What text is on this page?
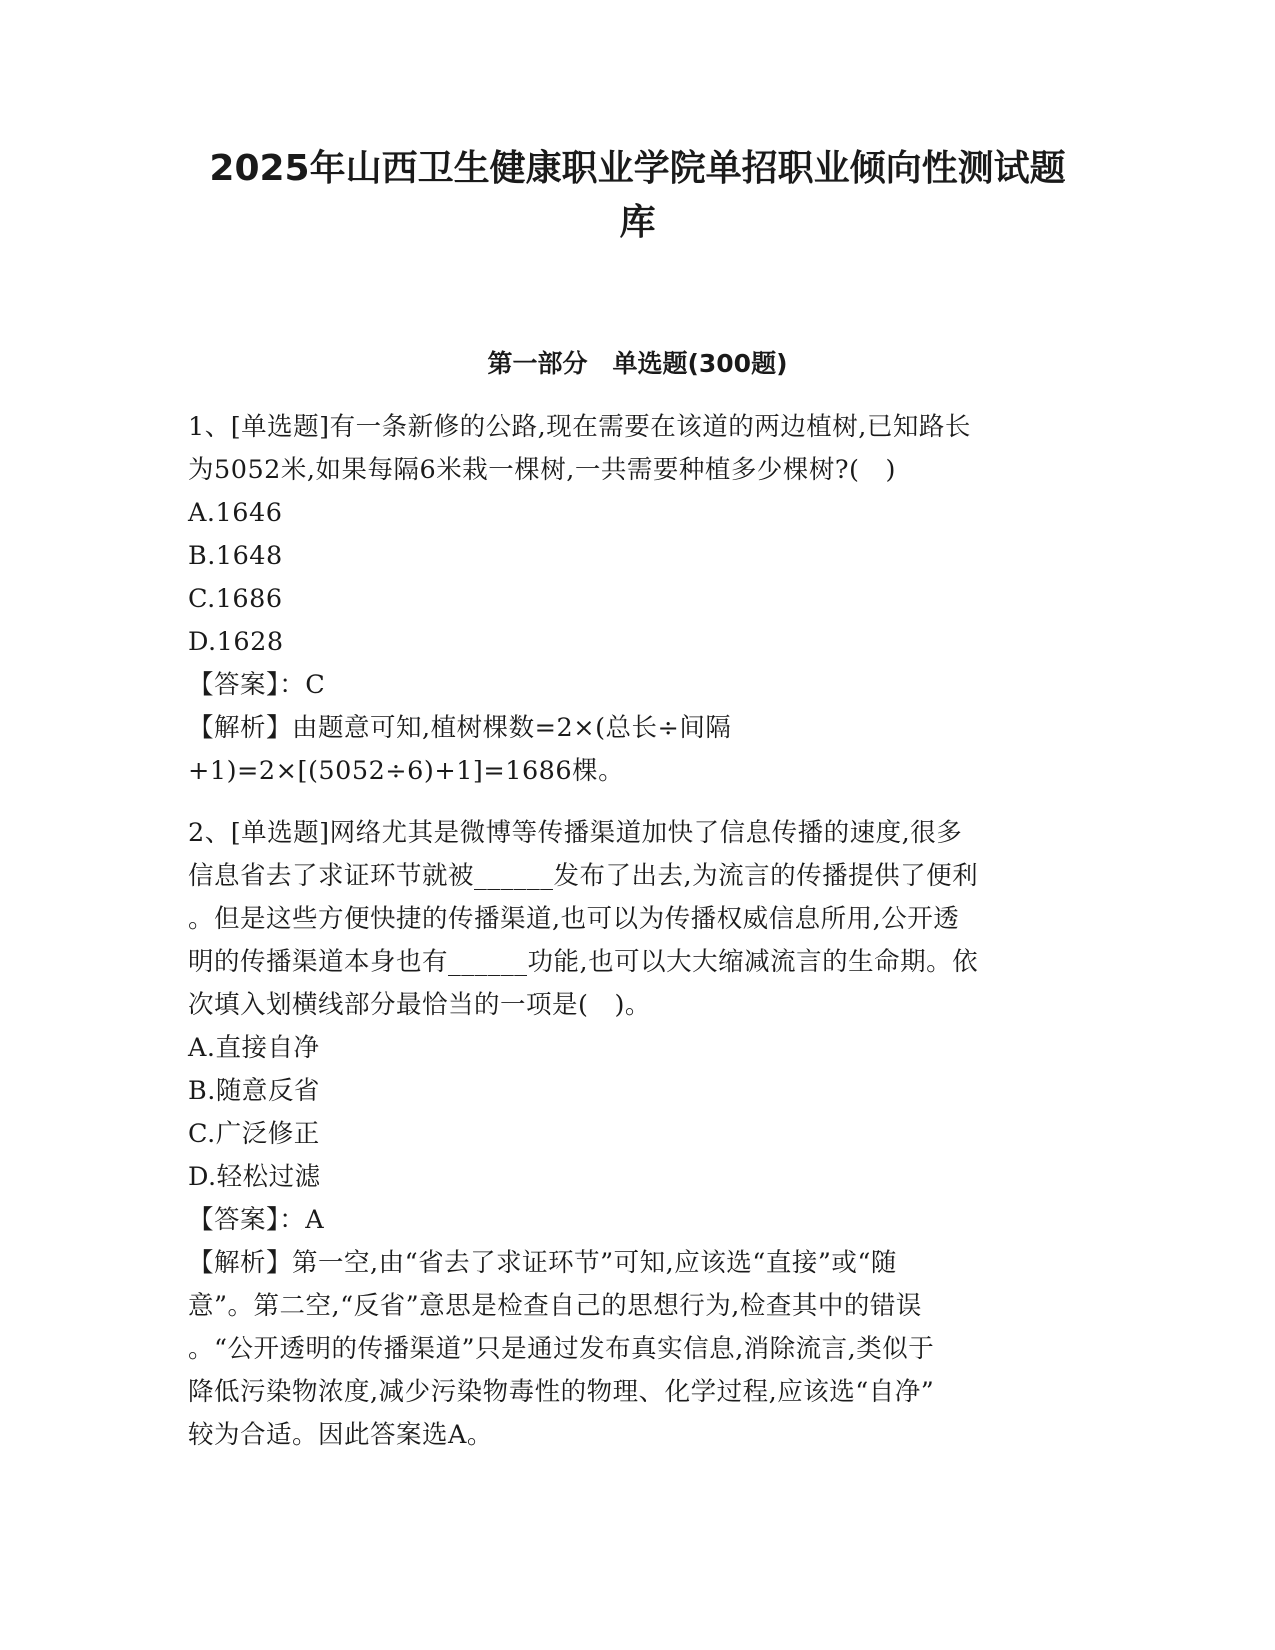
2025年山西卫生健康职业学院单招职业倾向性测试题
库
第一部分　单选题(300题)
1、[单选题]有一条新修的公路,现在需要在该道的两边植树,已知路长
为5052米,如果每隔6米栽一棵树,一共需要种植多少棵树?(　)
A.1646
B.1648
C.1686
D.1628
【答案】：C
【解析】由题意可知,植树棵数=2×(总长÷间隔
+1)=2×[(5052÷6)+1]=1686棵。
2、[单选题]网络尤其是微博等传播渠道加快了信息传播的速度,很多
信息省去了求证环节就被______发布了出去,为流言的传播提供了便利
。但是这些方便快捷的传播渠道,也可以为传播权威信息所用,公开透
明的传播渠道本身也有______功能,也可以大大缩减流言的生命期。依
次填入划横线部分最恰当的一项是(　)。
A.直接自净
B.随意反省
C.广泛修正
D.轻松过滤
【答案】：A
【解析】第一空,由“省去了求证环节”可知,应该选“直接”或“随
意”。第二空,“反省”意思是检查自己的思想行为,检查其中的错误
。“公开透明的传播渠道”只是通过发布真实信息,消除流言,类似于
降低污染物浓度,减少污染物毒性的物理、化学过程,应该选“自净”
较为合适。因此答案选A。
